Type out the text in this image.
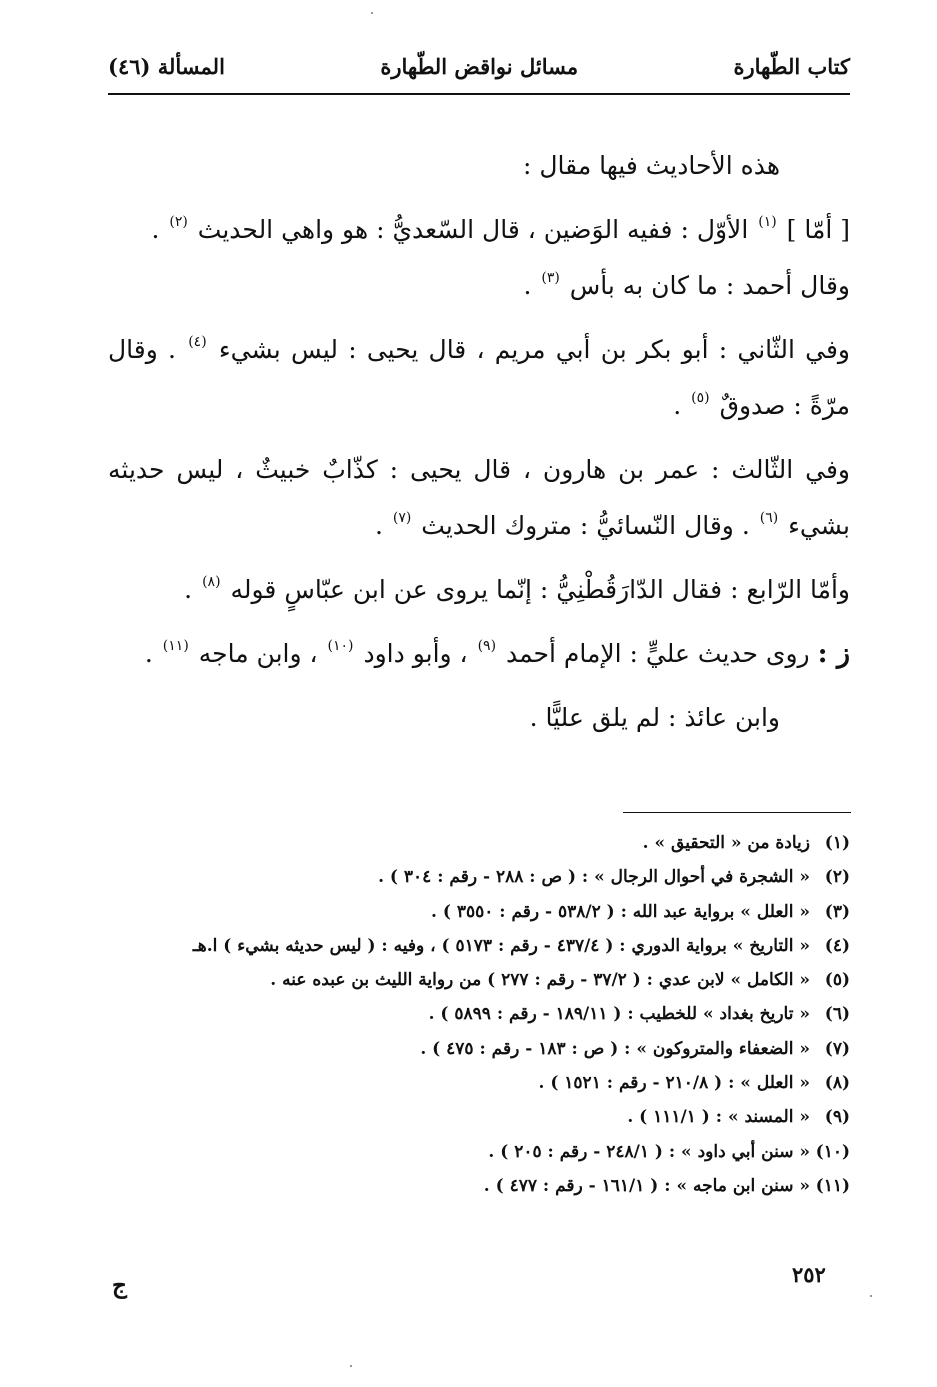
كتاب الطّهارة
مسائل نواقض الطّهارة
المسألة (٤٦)

هذه الأحاديث فيها مقال :

[ أمّا ] $^{(١)}$ الأوّل : ففيه الوَضين ، قال السّعديُّ : هو واهي الحديث $^{(٢)}$ .
وقال أحمد : ما كان به بأس $^{(٣)}$ .

وفي الثّاني : أبو بكر بن أبي مريم ، قال يحيى : ليس بشيء $^{(٤)}$ . وقال مرّةً : صدوقٌ $^{(٥)}$ .

وفي الثّالث : عمر بن هارون ، قال يحيى : كذّابٌ خبيثٌ ، ليس حديثه بشيء $^{(٦)}$ . وقال النّسائيُّ : متروك الحديث $^{(٧)}$ .

وأمّا الرّابع : فقال الدّارَقُطْنِيُّ : إنّما يروى عن ابن عبّاسٍ قوله $^{(٨)}$ .

ز : روى حديث عليٍّ : الإمام أحمد $^{(٩)}$ ، وأبو داود $^{(١٠)}$ ، وابن ماجه $^{(١١)}$ .

وابن عائذ : لم يلق عليًّا .

(١)زيادة من « التحقيق » .
(٢)« الشجرة في أحوال الرجال » : ( ص : ٢٨٨ - رقم : ٣٠٤ ) .
(٣)« العلل » برواية عبد الله : ( ٥٣٨/٢ - رقم : ٣٥٥٠ ) .
(٤)« التاريخ » برواية الدوري : ( ٤٣٧/٤ - رقم : ٥١٧٣ ) ، وفيه : ( ليس حديثه بشيء ) ا.هـ
(٥)« الكامل » لابن عدي : ( ٣٧/٢ - رقم : ٢٧٧ ) من رواية الليث بن عبده عنه .
(٦)« تاريخ بغداد » للخطيب : ( ١٨٩/١١ - رقم : ٥٨٩٩ ) .
(٧)« الضعفاء والمتروكون » : ( ص : ١٨٣ - رقم : ٤٧٥ ) .
(٨)« العلل » : ( ٢١٠/٨ - رقم : ١٥٢١ ) .
(٩)« المسند » : ( ١١١/١ ) .
(١٠)« سنن أبي داود » : ( ٢٤٨/١ - رقم : ٢٠٥ ) .
(١١)« سنن ابن ماجه » : ( ١٦١/١ - رقم : ٤٧٧ ) .
٢٥٢
ج
